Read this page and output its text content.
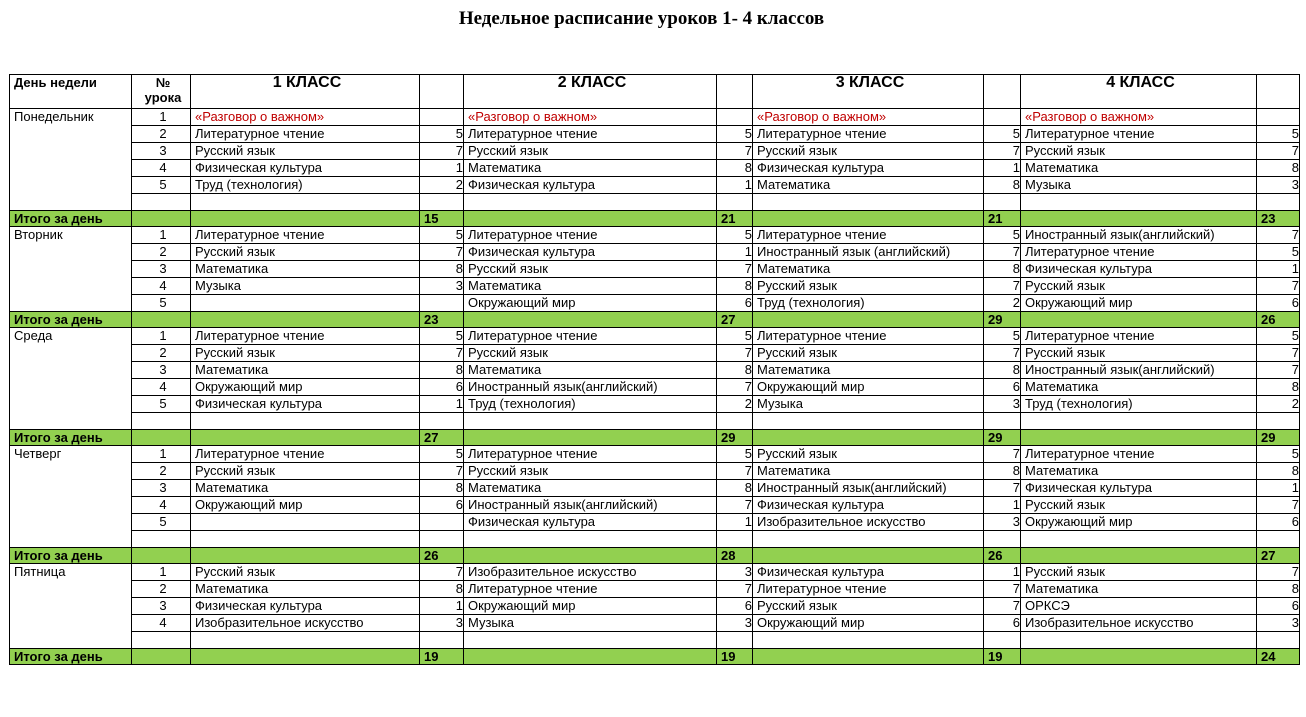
Недельное расписание уроков 1- 4 классов
День недели	№ урока	1 КЛАСС		2 КЛАСС		3 КЛАСС		4 КЛАСС	
Понедельник	1	«Разговор о важном»		«Разговор о важном»		«Разговор о важном»		«Разговор о важном»	
	2	Литературное чтение	5	Литературное чтение	5	Литературное чтение	5	Литературное чтение	5
	3	Русский язык	7	Русский язык	7	Русский язык	7	Русский язык	7
	4	Физическая культура	1	Математика	8	Физическая культура	1	Математика	8
	5	Труд (технология)	2	Физическая культура	1	Математика	8	Музыка	3

Итого за день			15		21		21		23
Вторник	1	Литературное чтение	5	Литературное чтение	5	Литературное чтение	5	Иностранный язык(английский)	7
	2	Русский язык	7	Физическая культура	1	Иностранный язык (английский)	7	Литературное чтение	5
	3	Математика	8	Русский язык	7	Математика	8	Физическая культура	1
	4	Музыка	3	Математика	8	Русский язык	7	Русский язык	7
	5			Окружающий мир	6	Труд (технология)	2	Окружающий мир	6
Итого за день			23		27		29		26
Среда	1	Литературное чтение	5	Литературное чтение	5	Литературное чтение	5	Литературное чтение	5
	2	Русский язык	7	Русский язык	7	Русский язык	7	Русский язык	7
	3	Математика	8	Математика	8	Математика	8	Иностранный язык(английский)	7
	4	Окружающий мир	6	Иностранный язык(английский)	7	Окружающий мир	6	Математика	8
	5	Физическая культура	1	Труд (технология)	2	Музыка	3	Труд (технология)	2

Итого за день			27		29		29		29
Четверг	1	Литературное чтение	5	Литературное чтение	5	Русский язык	7	Литературное чтение	5
	2	Русский язык	7	Русский язык	7	Математика	8	Математика	8
	3	Математика	8	Математика	8	Иностранный язык(английский)	7	Физическая культура	1
	4	Окружающий мир	6	Иностранный язык(английский)	7	Физическая культура	1	Русский язык	7
	5			Физическая культура	1	Изобразительное искусство	3	Окружающий мир	6

Итого за день			26		28		26		27
Пятница	1	Русский язык	7	Изобразительное искусство	3	Физическая культура	1	Русский язык	7
	2	Математика	8	Литературное чтение	7	Литературное чтение	7	Математика	8
	3	Физическая культура	1	Окружающий мир	6	Русский язык	7	ОРКСЭ	6
	4	Изобразительное искусство	3	Музыка	3	Окружающий мир	6	Изобразительное искусство	3

Итого за день			19		19		19		24
